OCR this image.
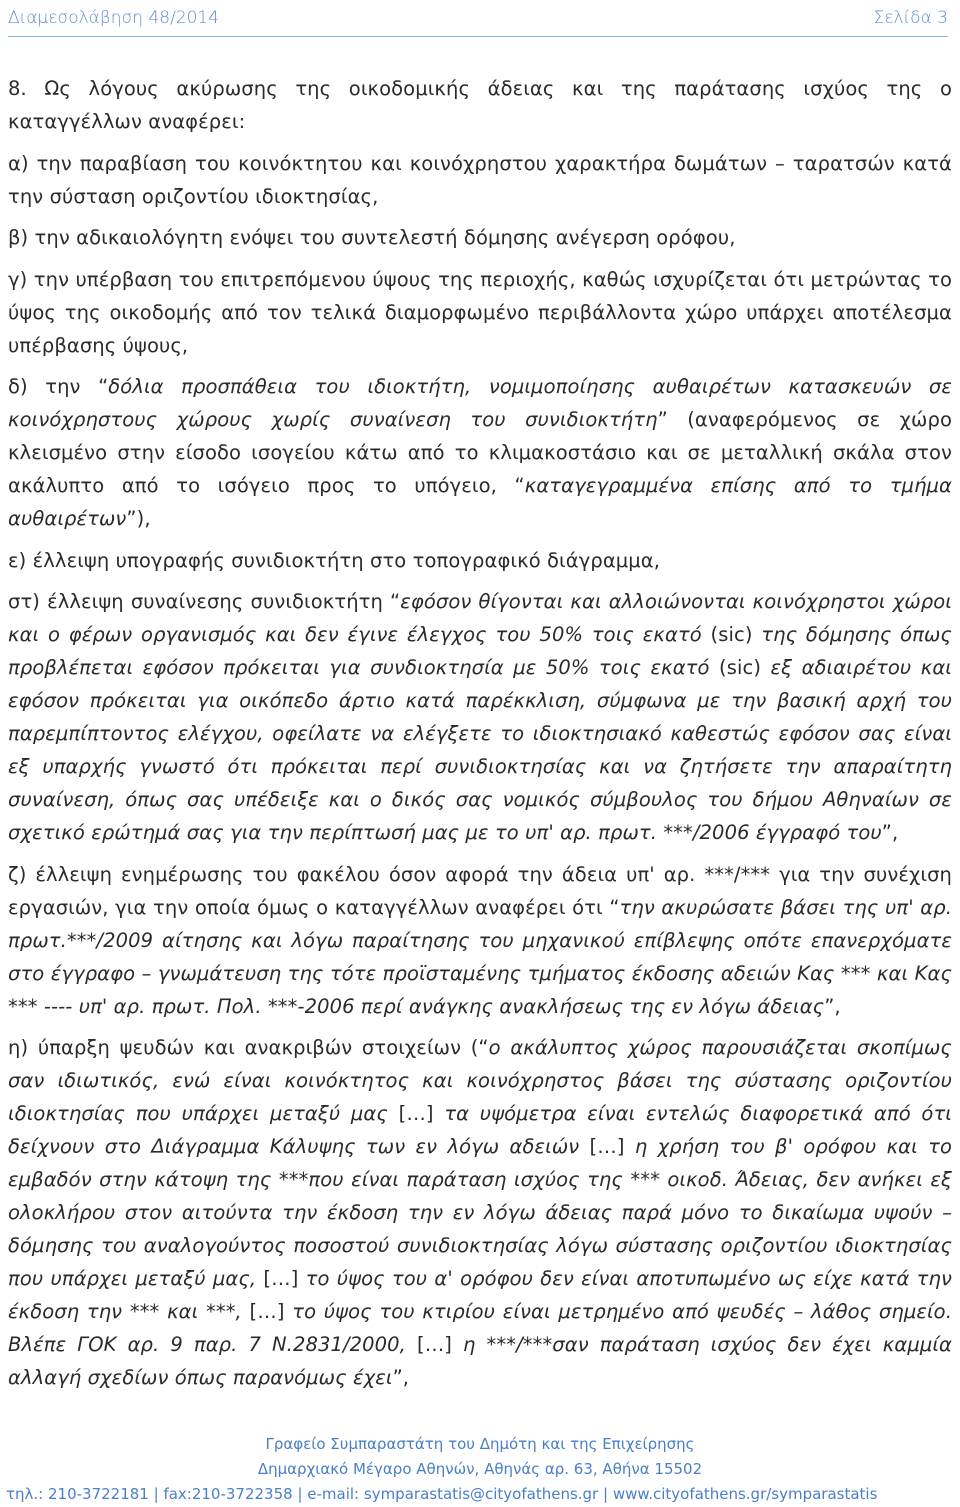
Διαμεσολάβηση 48/2014	Σελίδα 3

8. Ως λόγους ακύρωσης της οικοδομικής άδειας και της παράτασης ισχύος της ο καταγγέλλων αναφέρει:

α) την παραβίαση του κοινόκτητου και κοινόχρηστου χαρακτήρα δωμάτων – ταρατσών κατά την σύσταση οριζοντίου ιδιοκτησίας,

β) την αδικαιολόγητη ενόψει του συντελεστή δόμησης ανέγερση ορόφου,

γ) την υπέρβαση του επιτρεπόμενου ύψους της περιοχής, καθώς ισχυρίζεται ότι μετρώντας το ύψος της οικοδομής από τον τελικά διαμορφωμένο περιβάλλοντα χώρο υπάρχει αποτέλεσμα υπέρβασης ύψους,

δ) την “δόλια προσπάθεια του ιδιοκτήτη, νομιμοποίησης αυθαιρέτων κατασκευών σε κοινόχρηστους χώρους χωρίς συναίνεση του συνιδιοκτήτη” (αναφερόμενος σε χώρο κλεισμένο στην είσοδο ισογείου κάτω από το κλιμακοστάσιο και σε μεταλλική σκάλα στον ακάλυπτο από το ισόγειο προς το υπόγειο, “καταγεγραμμένα επίσης από το τμήμα αυθαιρέτων”),

ε) έλλειψη υπογραφής συνιδιοκτήτη στο τοπογραφικό διάγραμμα,

στ) έλλειψη συναίνεσης συνιδιοκτήτη “εφόσον θίγονται και αλλοιώνονται κοινόχρηστοι χώροι και ο φέρων οργανισμός και δεν έγινε έλεγχος του 50% τοις εκατό (sic) της δόμησης όπως προβλέπεται εφόσον πρόκειται για συνδιοκτησία με 50% τοις εκατό (sic) εξ αδιαιρέτου και εφόσον πρόκειται για οικόπεδο άρτιο κατά παρέκκλιση, σύμφωνα με την βασική αρχή του παρεμπίπτοντος ελέγχου, οφείλατε να ελέγξετε το ιδιοκτησιακό καθεστώς εφόσον σας είναι εξ υπαρχής γνωστό ότι πρόκειται περί συνιδιοκτησίας και να ζητήσετε την απαραίτητη συναίνεση, όπως σας υπέδειξε και ο δικός σας νομικός σύμβουλος του δήμου Αθηναίων σε σχετικό ερώτημά σας για την περίπτωσή μας με το υπ' αρ. πρωτ. ***/2006 έγγραφό του”,

ζ) έλλειψη ενημέρωσης του φακέλου όσον αφορά την άδεια υπ' αρ. ***/*** για την συνέχιση εργασιών, για την οποία όμως ο καταγγέλλων αναφέρει ότι “την ακυρώσατε βάσει της υπ' αρ. πρωτ.***/2009 αίτησης και λόγω παραίτησης του μηχανικού επίβλεψης οπότε επανερχόματε στο έγγραφο – γνωμάτευση της τότε προϊσταμένης τμήματος έκδοσης αδειών Κας *** και Κας *** ---- υπ' αρ. πρωτ. Πολ. ***-2006 περί ανάγκης ανακλήσεως της εν λόγω άδειας”,

η) ύπαρξη ψευδών και ανακριβών στοιχείων (“ο ακάλυπτος χώρος παρουσιάζεται σκοπίμως σαν ιδιωτικός, ενώ είναι κοινόκτητος και κοινόχρηστος βάσει της σύστασης οριζοντίου ιδιοκτησίας που υπάρχει μεταξύ μας […] τα υψόμετρα είναι εντελώς διαφορετικά από ότι δείχνουν στο Διάγραμμα Κάλυψης των εν λόγω αδειών […] η χρήση του β' ορόφου και το εμβαδόν στην κάτοψη της ***που είναι παράταση ισχύος της *** οικοδ. Άδειας, δεν ανήκει εξ ολοκλήρου στον αιτούντα την έκδοση την εν λόγω άδειας παρά μόνο το δικαίωμα υψούν – δόμησης του αναλογούντος ποσοστού συνιδιοκτησίας λόγω σύστασης οριζοντίου ιδιοκτησίας που υπάρχει μεταξύ μας, […] το ύψος του α' ορόφου δεν είναι αποτυπωμένο ως είχε κατά την έκδοση την *** και ***, […] το ύψος του κτιρίου είναι μετρημένο από ψευδές – λάθος σημείο. Βλέπε ΓΟΚ αρ. 9 παρ. 7 Ν.2831/2000, […] η ***/***σαν παράταση ισχύος δεν έχει καμμία αλλαγή σχεδίων όπως παρανόμως έχει”,

Γραφείο Συμπαραστάτη του Δημότη και της Επιχείρησης
Δημαρχιακό Μέγαρο Αθηνών, Αθηνάς αρ. 63, Αθήνα 15502
τηλ.: 210-3722181 | fax:210-3722358 | e-mail: symparastatis@cityofathens.gr | www.cityofathens.gr/symparastatis
